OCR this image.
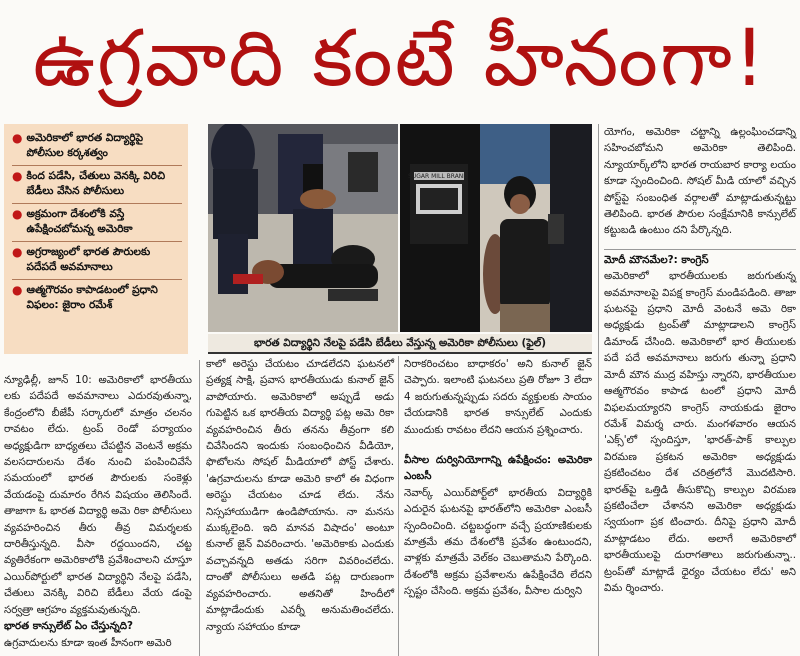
ఉగ్రవాది కంటే హీనంగా!
● అమెరికాలో భారత విద్యార్థిపై పోలీసుల కర్కశత్వం
● కింద పడేసి, చేతులు వెనక్కి విరిచి బేడీలు వేసిన పోలీసులు
● అక్రమంగా దేశంలోకి వస్తే ఉపేక్షించబోమన్న అమెరికా
● అగ్రరాజ్యంలో భారత పౌరులకు పదేపదే అవమానాలు
● ఆత్మగౌరవం కాపాడటంలో ప్రధాని విఫలం: జైరాం రమేశ్
SUGAR MILL BRAND
భారత విద్యార్థిని నేలపై పడేసి బేడీలు వేస్తున్న అమెరికా పోలీసులు (ఫైల్)

న్యూఢిల్లీ, జూన్ 10: అమెరికాలో భారతీయు లకు పదేపదే అవమానాలు ఎదురవుతున్నా, కేంద్రంలోని బీజేపీ సర్కారులో మాత్రం చలనం రావటం లేదు. ట్రంప్ రెండో పర్యాయం అధ్యక్షుడిగా బాధ్యతలు చేపట్టిన వెంటనే అక్రమ వలసదారులను దేశం నుంచి పంపించివేసే సమయంలో భారత పౌరులకు సంకెళ్లు వేయడంపై దుమారం రేగిన విషయం తెలిసిందే. తాజాగా ఓ భారత విద్యార్థి అమె రికా పోలీసులు వ్యవహరించిన తీరు తీవ్ర విమర్శలకు దారితీస్తున్నది. వీసా రద్దయిందని, చట్ట వ్యతిరేకంగా అమెరికాలోకి ప్రవేశించాలని చూస్తూ ఎయిర్‌పోర్టులో భారత విద్యార్థిని నేలపై పడేసి, చేతులు వెనక్కి విరిచి బేడీలు వేయ డంపై సర్వత్రా ఆగ్రహం వ్యక్తమవుతున్నది.

భారత కాన్సులేట్ ఏం చేస్తున్నది?

ఉగ్రవాదులను కూడా ఇంత హీనంగా అమెరి

కాలో అరెస్టు చేయటం చూడలేదని ఘటనలో ప్రత్యక్ష సాక్షి, ప్రవాస భారతీయుడు కునాల్ జైన్ వాపోయారు. అమెరికాలో అప్పుడే అడు గుపెట్టిన ఒక భారతీయ విద్యార్థి పట్ల అమె రికా వ్యవహరించిన తీరు తనను తీవ్రంగా కలి చివేసిందని ఇందుకు సంబంధించిన వీడియో, ఫొటోలను సోషల్ మీడియాలో పోస్ట్ చేశారు. 'ఉగ్రవాదులను కూడా అమెరి కాలో ఈ విధంగా అరెస్టు చేయటం చూడ లేదు. నేను నిస్సహాయుడిగా ఉండిపోయాను. నా మనసు ముక్కలైంది. ఇది మానవ విషాదం' అంటూ కునాల్ జైన్ వివరించారు. 'అమెరికాకు ఎందుకు వచ్చావన్నది అతడు సరిగా వివరించలేదు. దాంతో పోలీసులు అతడి పట్ల దారుణంగా వ్యవహరించారు. అతనితో హిందీలో మాట్లాడేందుకు ఎవర్నీ అనుమతించలేదు. న్యాయ సహాయం కూడా

నిరాకరించటం బాధాకరం' అని కునాల్ జైన్ చెప్పారు. ఇలాంటి ఘటనలు ప్రతి రోజూ 3 లేదా 4 జరుగుతున్నప్పుడు సదరు వ్యక్తులకు సాయం చేయడానికి భారత కాన్సులేట్ ఎందుకు ముందుకు రావటం లేదని ఆయన ప్రశ్నించారు.

వీసాల దుర్వినియోగాన్ని ఉపేక్షించం: అమెరికా ఎంబసీ

నెవార్క్ ఎయిర్‌పోర్ట్‌లో భారతీయ విద్యార్థికి ఎదురైన ఘటనపై భారత్‌లోని అమెరికా ఎంబసీ స్పందించింది. చట్టబద్ధంగా వచ్చే ప్రయాణికులకు మాత్రమే తమ దేశంలోకి ప్రవేశం ఉంటుందని, వాళ్లకు మాత్రమే వెల్‌కం చెబుతామని పేర్కొంది. దేశంలోకి అక్రమ ప్రవేశాలను ఉపేక్షించేది లేదని స్పష్టం చేసింది. అక్రమ ప్రవేశం, వీసాల దుర్విని

యోగం, అమెరికా చట్టాన్ని ఉల్లంఘించడాన్ని సహించబోమని అమెరికా తెలిపింది. న్యూయార్క్‌లోని భారత రాయబార కార్యా లయం కూడా స్పందించింది. సోషల్ మీడి యాలో వచ్చిన పోస్ట్‌పై సంబంధిత వర్గాలతో మాట్లాడుతున్నట్టు తెలిపింది. భారత పౌరుల సంక్షేమానికి కాన్సులేట్ కట్టుబడి ఉంటుం దని పేర్కొన్నది.

మోదీ మౌనమేల?: కాంగ్రెస్

అమెరికాలో భారతీయులకు జరుగుతున్న అవమానాలపై విపక్ష కాంగ్రెస్ మండిపడింది. తాజా ఘటనపై ప్రధాని మోదీ వెంటనే అమె రికా అధ్యక్షుడు ట్రంప్‌తో మాట్లాడాలని కాంగ్రెస్ డిమాండ్ చేసింది. అమెరికాలో భార తీయులకు పదే పదే అవమానాలు జరుగు తున్నా ప్రధాని మోదీ మౌన ముద్ర వహిస్తు న్నారని, భారతీయుల ఆత్మగౌరవం కాపాడ టంలో ప్రధాని మోదీ విఫలమయ్యారని కాంగ్రెస్ నాయకుడు జైరాం రమేశ్ విమర్శ చారు. మంగళవారం ఆయన 'ఎక్స్'లో స్పందిస్తూ, 'భారత్-పాక్ కాల్పుల విరమణ ప్రకటన అమెరికా అధ్యక్షుడు ప్రకటించటం దేశ చరిత్రలోనే మొదటిసారి. భారత్‌పై ఒత్తిడి తీసుకొచ్చి కాల్పుల విరమణ ప్రకటించేలా చేశానని అమెరికా అధ్యక్షుడు స్వయంగా ప్రక టించారు. దీనిపై ప్రధాని మోదీ మాట్లాడటం లేదు. అలాగే అమెరికాలో భారతీయులపై దురాగతాలు జరుగుతున్నా.. ట్రంప్‌తో మాట్లాడే ధైర్యం చేయటం లేదు' అని విమ ర్శించారు.
